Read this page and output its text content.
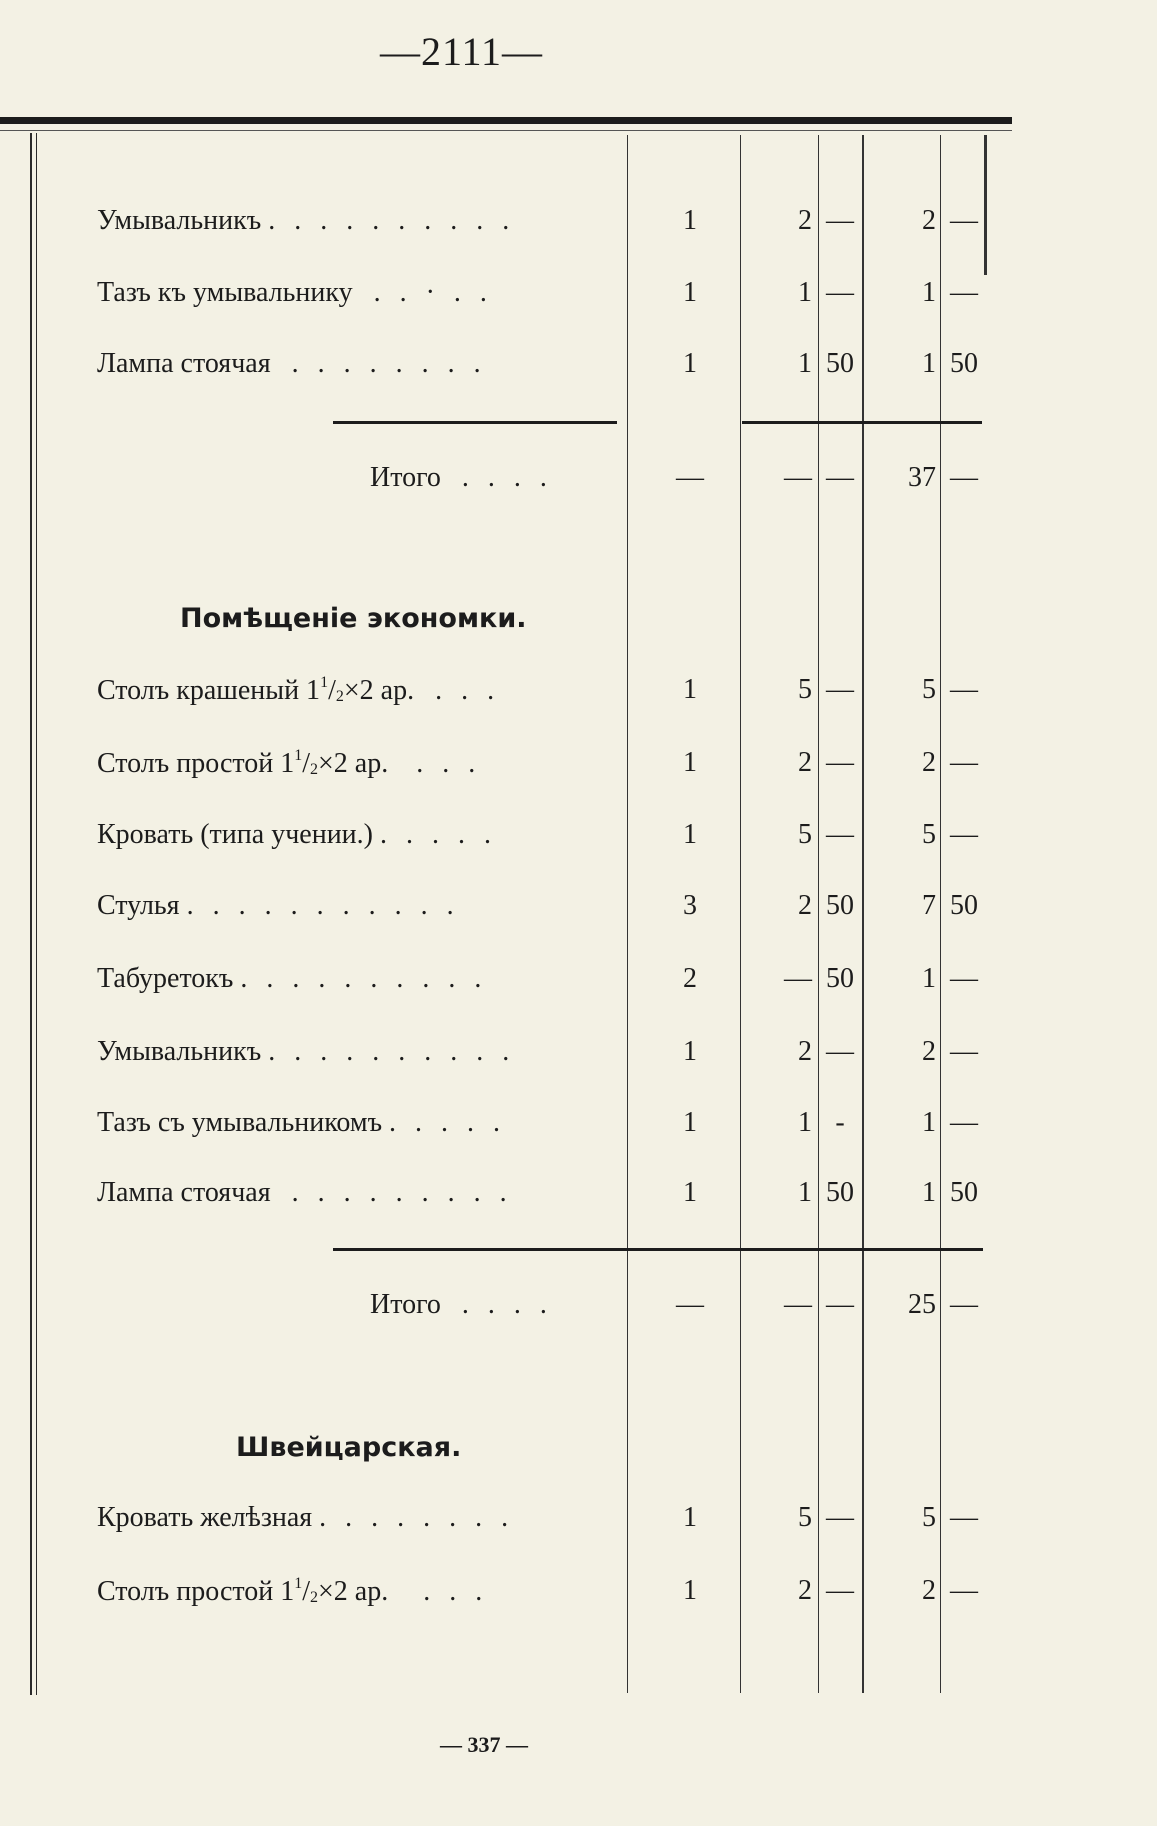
—2111—
Умывальникъ . . . . . . . . . .	1	2 —	2 —
Тазъ къ умывальнику . . · . .	1	1 —	1 —
Лампа стоячая . . . . . . . .	1	1 50	1 50
Итого . . . .	—	— —	37 —
Помѣщеніе экономки.
Столъ крашеный $1^1/_2\times 2$ ар. . . .	1	5 —	5 —
Столъ простой $1^1/_2\times 2$ ар. . . .	1	2 —	2 —
Кровать (типа учении.) . . . . .	1	5 —	5 —
Стулья . . . . . . . . . . .	3	2 50	7 50
Табуретокъ . . . . . . . . . .	2	— 50	1 —
Умывальникъ . . . . . . . . . .	1	2 —	2 —
Тазъ съ умывальникомъ . . . . .	1	1 -	1 —
Лампа стоячая . . . . . . . . .	1	1 50	1 50
Итого . . . .	—	— —	25 —
Швейцарская.
Кровать желѣзная . . . . . . . .	1	5 —	5 —
Столъ простой $1^1/_2\times 2$ ар. . . .	1	2 —	2 —
— 337 —
